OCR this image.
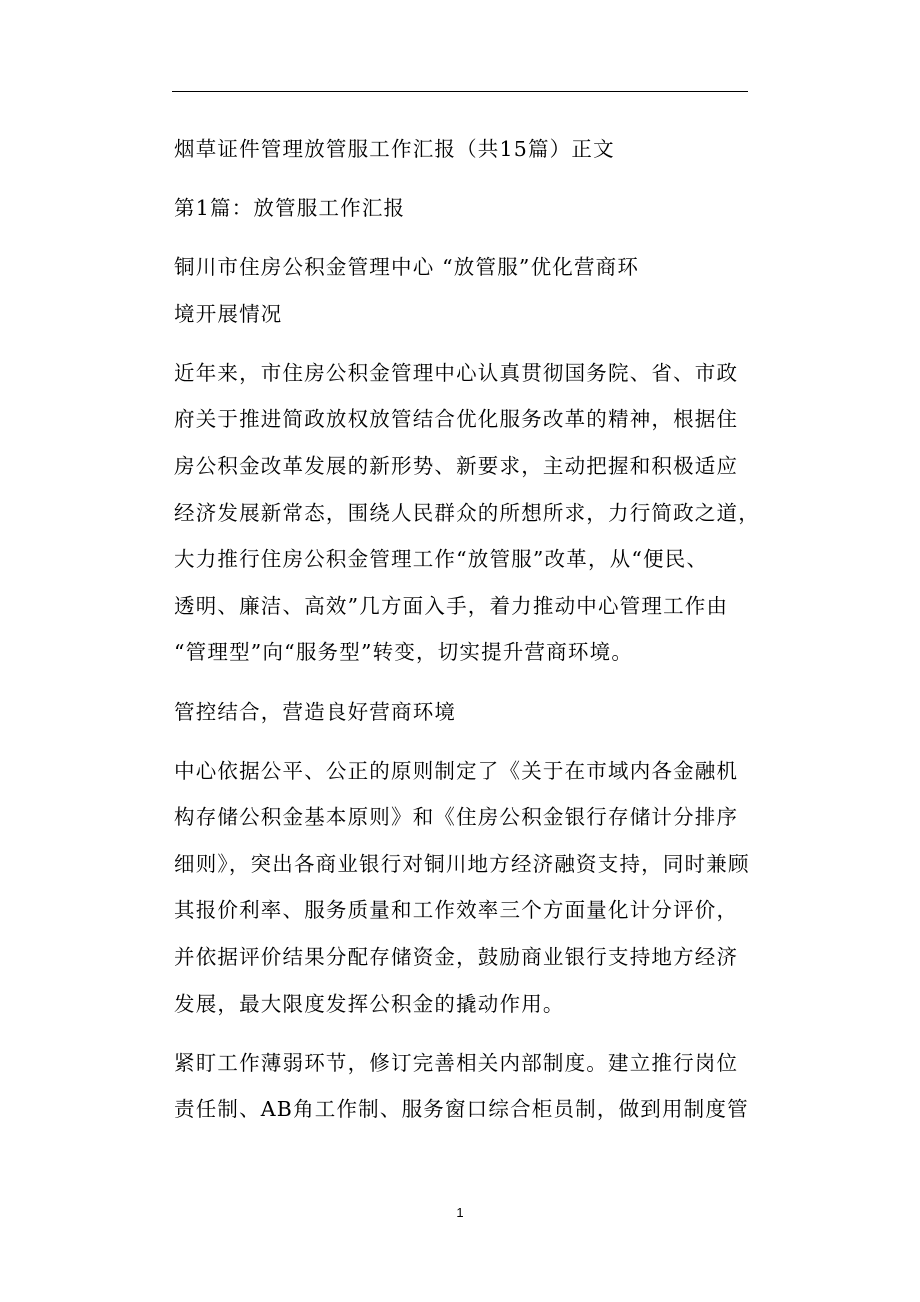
烟草证件管理放管服工作汇报（共15篇）正文

第1篇：放管服工作汇报

铜川市住房公积金管理中心 “放管服”优化营商环
境开展情况

近年来，市住房公积金管理中心认真贯彻国务院、省、市政
府关于推进简政放权放管结合优化服务改革的精神，根据住
房公积金改革发展的新形势、新要求，主动把握和积极适应
经济发展新常态，围绕人民群众的所想所求，力行简政之道，
大力推行住房公积金管理工作“放管服”改革，从“便民、
透明、廉洁、高效”几方面入手，着力推动中心管理工作由
“管理型”向“服务型”转变，切实提升营商环境。

管控结合，营造良好营商环境

中心依据公平、公正的原则制定了《关于在市域内各金融机
构存储公积金基本原则》和《住房公积金银行存储计分排序
细则》，突出各商业银行对铜川地方经济融资支持，同时兼顾
其报价利率、服务质量和工作效率三个方面量化计分评价，
并依据评价结果分配存储资金，鼓励商业银行支持地方经济
发展，最大限度发挥公积金的撬动作用。

紧盯工作薄弱环节，修订完善相关内部制度。建立推行岗位
责任制、AB角工作制、服务窗口综合柜员制，做到用制度管

1
